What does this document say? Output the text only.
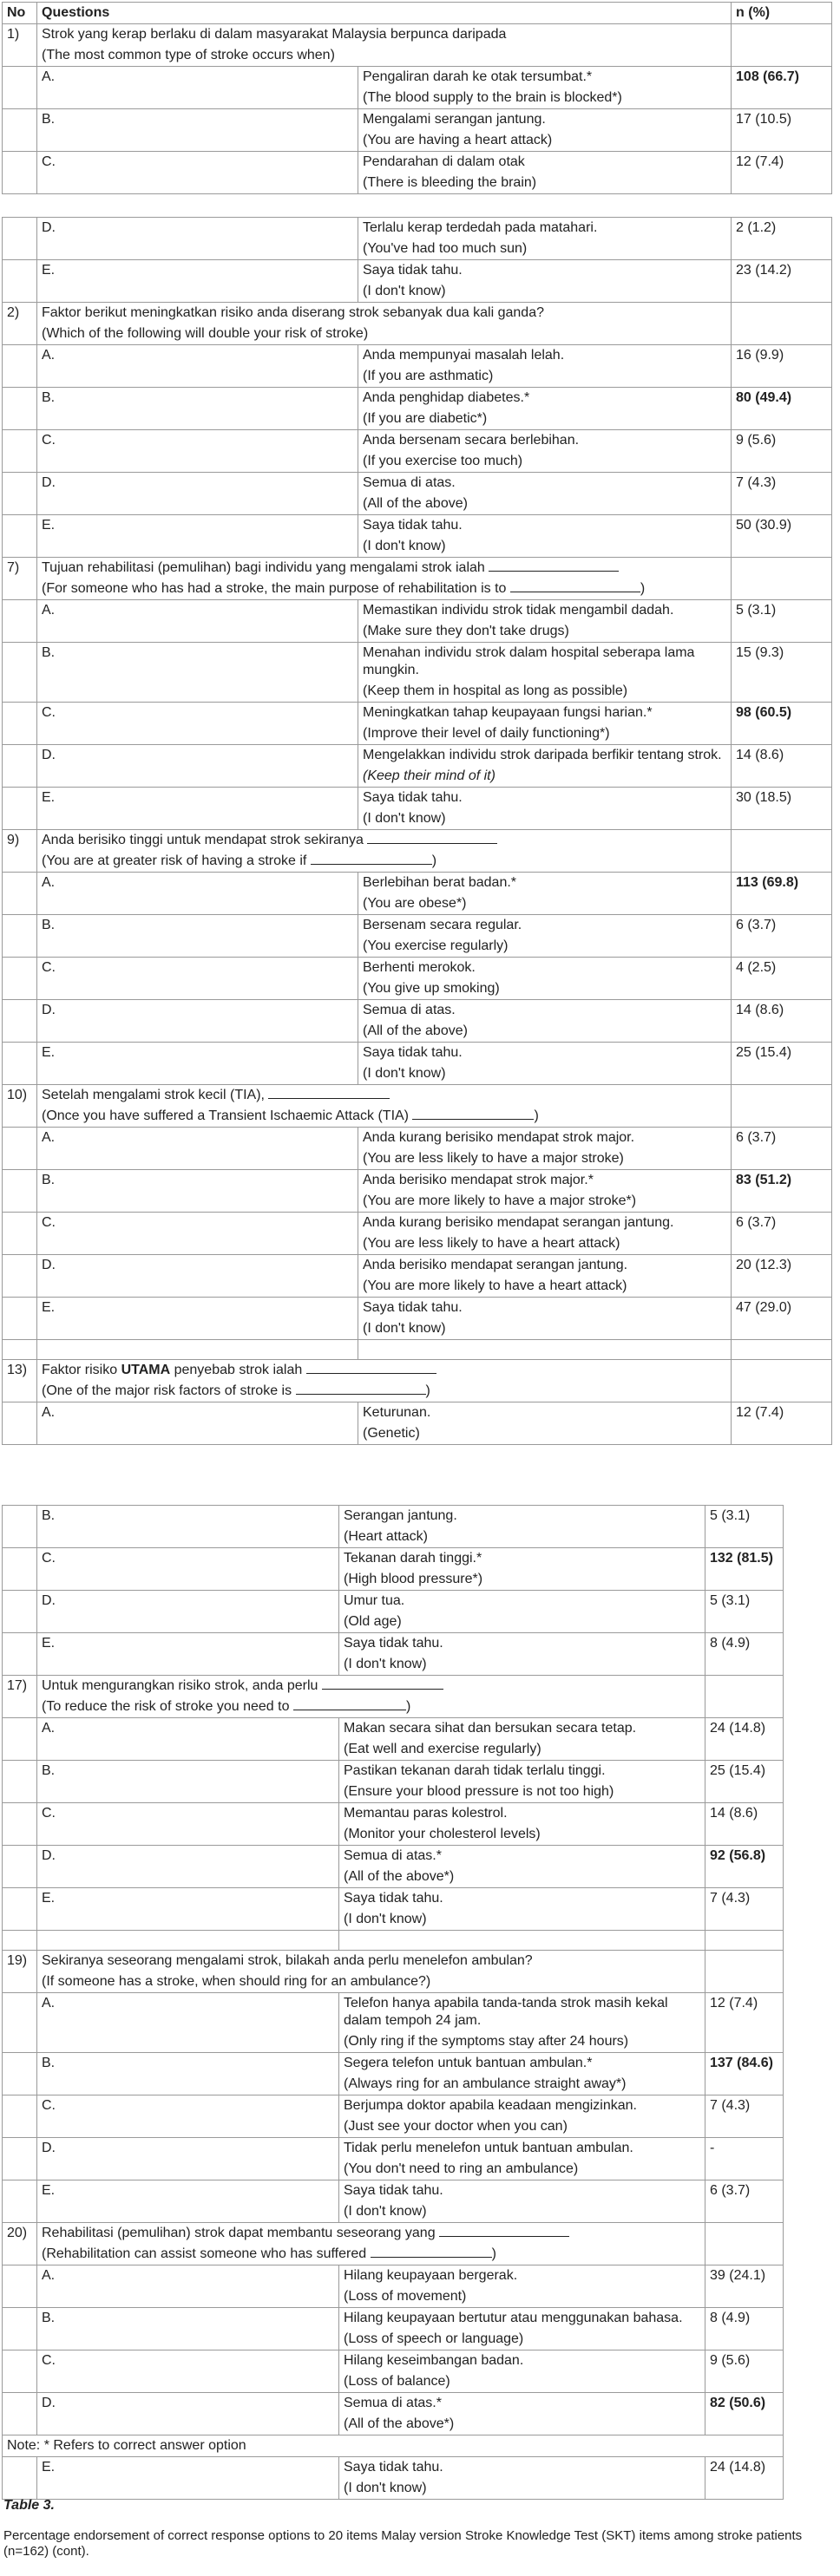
No	Questions		n (%)
1)	Strok yang kerap berlaku di dalam masyarakat Malaysia berpunca daripada		
	(The most common type of stroke occurs when)		
	A.	Pengaliran darah ke otak tersumbat.*	108 (66.7)
		(The blood supply to the brain is blocked*)	
	B.	Mengalami serangan jantung.	17 (10.5)
		(You are having a heart attack)	
	C.	Pendarahan di dalam otak	12 (7.4)
		(There is bleeding the brain)	
	D.	Terlalu kerap terdedah pada matahari.	2 (1.2)
		(You've had too much sun)	
	E.	Saya tidak tahu.	23 (14.2)
		(I don't know)	
2)	Faktor berikut meningkatkan risiko anda diserang strok sebanyak dua kali ganda?		
	(Which of the following will double your risk of stroke)		
	A.	Anda mempunyai masalah lelah.	16 (9.9)
		(If you are asthmatic)	
	B.	Anda penghidap diabetes.*	80 (49.4)
		(If you are diabetic*)	
	C.	Anda bersenam secara berlebihan.	9 (5.6)
		(If you exercise too much)	
	D.	Semua di atas.	7 (4.3)
		(All of the above)	
	E.	Saya tidak tahu.	50 (30.9)
		(I don't know)	
7)	Tujuan rehabilitasi (pemulihan) bagi individu yang mengalami strok ialah		
	(For someone who has had a stroke, the main purpose of rehabilitation is to )		
	A.	Memastikan individu strok tidak mengambil dadah.	5 (3.1)
		(Make sure they don't take drugs)	
	B.	Menahan individu strok dalam hospital seberapa lama mungkin.	15 (9.3)
		(Keep them in hospital as long as possible)	
	C.	Meningkatkan tahap keupayaan fungsi harian.*	98 (60.5)
		(Improve their level of daily functioning*)	
	D.	Mengelakkan individu strok daripada berfikir tentang strok.	14 (8.6)
		(Keep their mind of it)	
	E.	Saya tidak tahu.	30 (18.5)
		(I don't know)	
9)	Anda berisiko tinggi untuk mendapat strok sekiranya		
	(You are at greater risk of having a stroke if )		
	A.	Berlebihan berat badan.*	113 (69.8)
		(You are obese*)	
	B.	Bersenam secara regular.	6 (3.7)
		(You exercise regularly)	
	C.	Berhenti merokok.	4 (2.5)
		(You give up smoking)	
	D.	Semua di atas.	14 (8.6)
		(All of the above)	
	E.	Saya tidak tahu.	25 (15.4)
		(I don't know)	
10)	Setelah mengalami strok kecil (TIA),		
	(Once you have suffered a Transient Ischaemic Attack (TIA) )		
	A.	Anda kurang berisiko mendapat strok major.	6 (3.7)
		(You are less likely to have a major stroke)	
	B.	Anda berisiko mendapat strok major.*	83 (51.2)
		(You are more likely to have a major stroke*)	
	C.	Anda kurang berisiko mendapat serangan jantung.	6 (3.7)
		(You are less likely to have a heart attack)	
	D.	Anda berisiko mendapat serangan jantung.	20 (12.3)
		(You are more likely to have a heart attack)	
	E.	Saya tidak tahu.	47 (29.0)
		(I don't know)	

13)	Faktor risiko UTAMA penyebab strok ialah		
	(One of the major risk factors of stroke is )		
	A.	Keturunan.	12 (7.4)
		(Genetic)	
	B.	Serangan jantung.	5 (3.1)
		(Heart attack)	
	C.	Tekanan darah tinggi.*	132 (81.5)
		(High blood pressure*)	
	D.	Umur tua.	5 (3.1)
		(Old age)	
	E.	Saya tidak tahu.	8 (4.9)
		(I don't know)	
17)	Untuk mengurangkan risiko strok, anda perlu		
	(To reduce the risk of stroke you need to )		
	A.	Makan secara sihat dan bersukan secara tetap.	24 (14.8)
		(Eat well and exercise regularly)	
	B.	Pastikan tekanan darah tidak terlalu tinggi.	25 (15.4)
		(Ensure your blood pressure is not too high)	
	C.	Memantau paras kolestrol.	14 (8.6)
		(Monitor your cholesterol levels)	
	D.	Semua di atas.*	92 (56.8)
		(All of the above*)	
	E.	Saya tidak tahu.	7 (4.3)
		(I don't know)	

19)	Sekiranya seseorang mengalami strok, bilakah anda perlu menelefon ambulan?		
	(If someone has a stroke, when should ring for an ambulance?)		
	A.	Telefon hanya apabila tanda-tanda strok masih kekal dalam tempoh 24 jam.	12 (7.4)
		(Only ring if the symptoms stay after 24 hours)	
	B.	Segera telefon untuk bantuan ambulan.*	137 (84.6)
		(Always ring for an ambulance straight away*)	
	C.	Berjumpa doktor apabila keadaan mengizinkan.	7 (4.3)
		(Just see your doctor when you can)	
	D.	Tidak perlu menelefon untuk bantuan ambulan.	-
		(You don't need to ring an ambulance)	
	E.	Saya tidak tahu.	6 (3.7)
		(I don't know)	
20)	Rehabilitasi (pemulihan) strok dapat membantu seseorang yang		
	(Rehabilitation can assist someone who has suffered )		
	A.	Hilang keupayaan bergerak.	39 (24.1)
		(Loss of movement)	
	B.	Hilang keupayaan bertutur atau menggunakan bahasa.	8 (4.9)
		(Loss of speech or language)	
	C.	Hilang keseimbangan badan.	9 (5.6)
		(Loss of balance)	
	D.	Semua di atas.*	82 (50.6)
		(All of the above*)	
Note: * Refers to correct answer option			
	E.	Saya tidak tahu.	24 (14.8)
		(I don't know)	
Table 3.
Percentage endorsement of correct response options to 20 items Malay version Stroke Knowledge Test (SKT) items among stroke patients (n=162) (cont).
